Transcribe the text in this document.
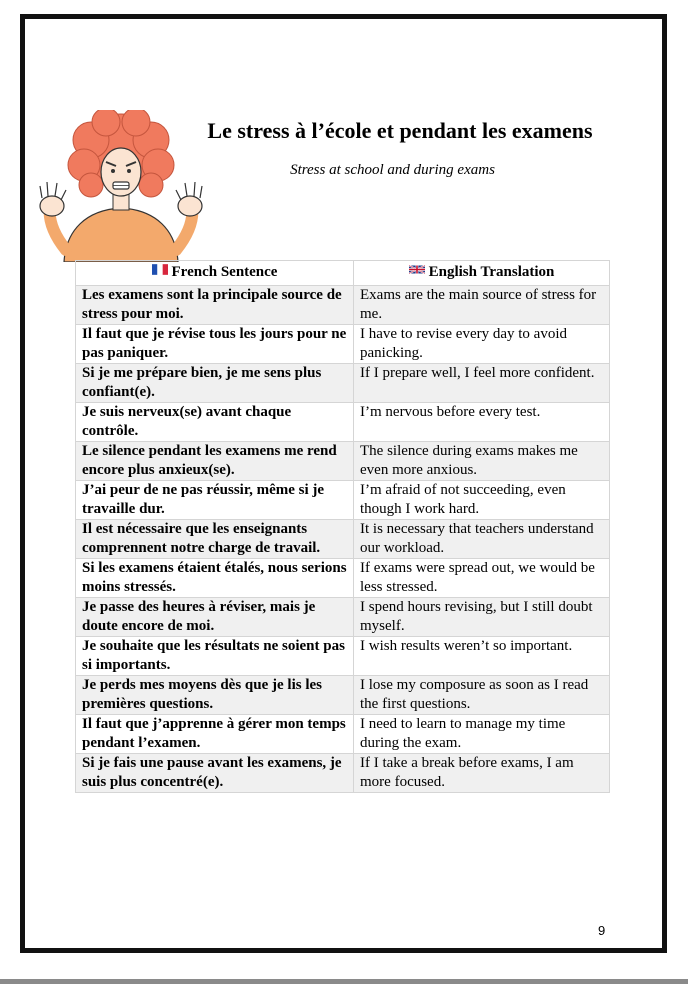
Le stress à l’école et pendant les examens
Stress at school and during exams
French Sentence	English Translation
Les examens sont la principale source de stress pour moi.	Exams are the main source of stress for me.
Il faut que je révise tous les jours pour ne pas paniquer.	I have to revise every day to avoid panicking.
Si je me prépare bien, je me sens plus confiant(e).	If I prepare well, I feel more confident.
Je suis nerveux(se) avant chaque contrôle.	I’m nervous before every test.
Le silence pendant les examens me rend encore plus anxieux(se).	The silence during exams makes me even more anxious.
J’ai peur de ne pas réussir, même si je travaille dur.	I’m afraid of not succeeding, even though I work hard.
Il est nécessaire que les enseignants comprennent notre charge de travail.	It is necessary that teachers understand our workload.
Si les examens étaient étalés, nous serions moins stressés.	If exams were spread out, we would be less stressed.
Je passe des heures à réviser, mais je doute encore de moi.	I spend hours revising, but I still doubt myself.
Je souhaite que les résultats ne soient pas si importants.	I wish results weren’t so important.
Je perds mes moyens dès que je lis les premières questions.	I lose my composure as soon as I read the first questions.
Il faut que j’apprenne à gérer mon temps pendant l’examen.	I need to learn to manage my time during the exam.
Si je fais une pause avant les examens, je suis plus concentré(e).	If I take a break before exams, I am more focused.
9
